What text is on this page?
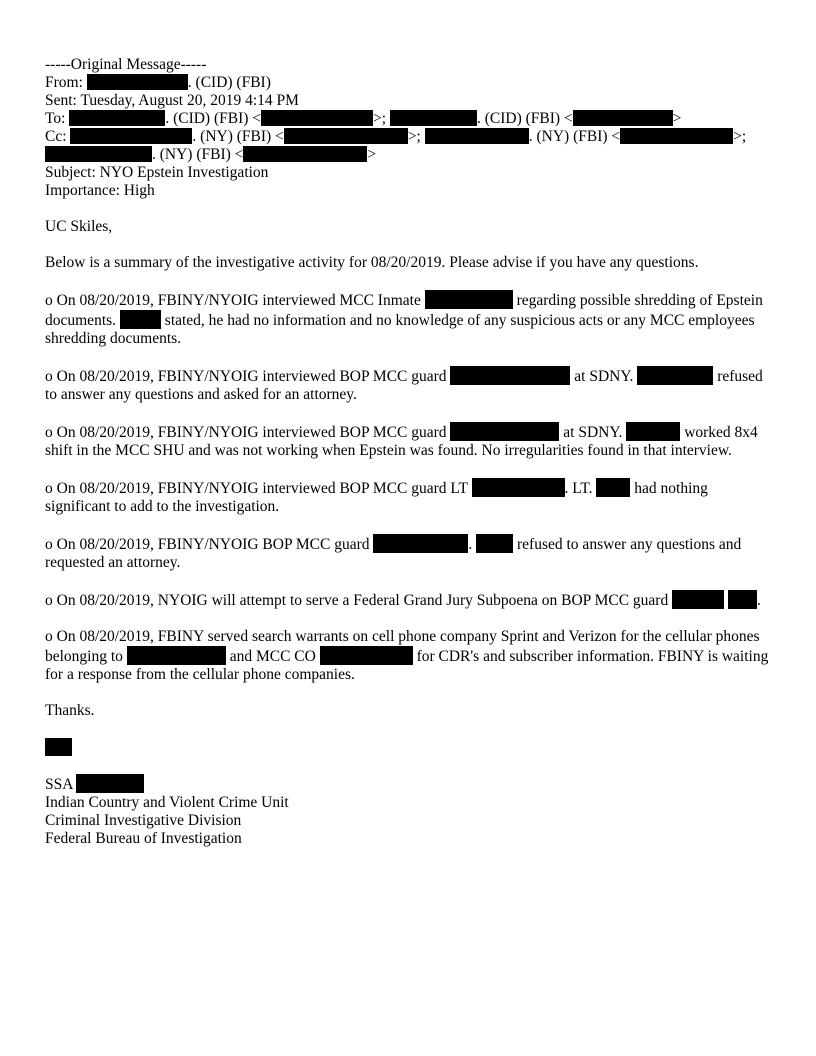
-----Original Message-----
From:	. (CID) (FBI)
Sent: Tuesday, August 20, 2019 4:14 PM
To:	. (CID) (FBI) <	>;	. (CID) (FBI) <	>
Cc:	. (NY) (FBI) <	>;	. (NY) (FBI) <	>;
. (NY) (FBI) <	>
Subject: NYO Epstein Investigation
Importance: High
UC Skiles,
Below is a summary of the investigative activity for 08/20/2019. Please advise if you have any questions.
o On 08/20/2019, FBINY/NYOIG interviewed MCC Inmate	regarding possible shredding of Epstein documents.	stated, he had no information and no knowledge of any suspicious acts or any MCC employees shredding documents.
o On 08/20/2019, FBINY/NYOIG interviewed BOP MCC guard	at SDNY.	refused to answer any questions and asked for an attorney.
o On 08/20/2019, FBINY/NYOIG interviewed BOP MCC guard	at SDNY.	worked 8x4 shift in the MCC SHU and was not working when Epstein was found. No irregularities found in that interview.
o On 08/20/2019, FBINY/NYOIG interviewed BOP MCC guard LT	. LT.  had nothing significant to add to the investigation.
o On 08/20/2019, FBINY/NYOIG BOP MCC guard	.  refused to answer any questions and requested an attorney.
o On 08/20/2019, NYOIG will attempt to serve a Federal Grand Jury Subpoena on BOP MCC guard	.
o On 08/20/2019, FBINY served search warrants on cell phone company Sprint and Verizon for the cellular phones belonging to	and MCC CO	for CDR's and subscriber information. FBINY is waiting for a response from the cellular phone companies.
Thanks.
SSA
Indian Country and Violent Crime Unit
Criminal Investigative Division
Federal Bureau of Investigation
